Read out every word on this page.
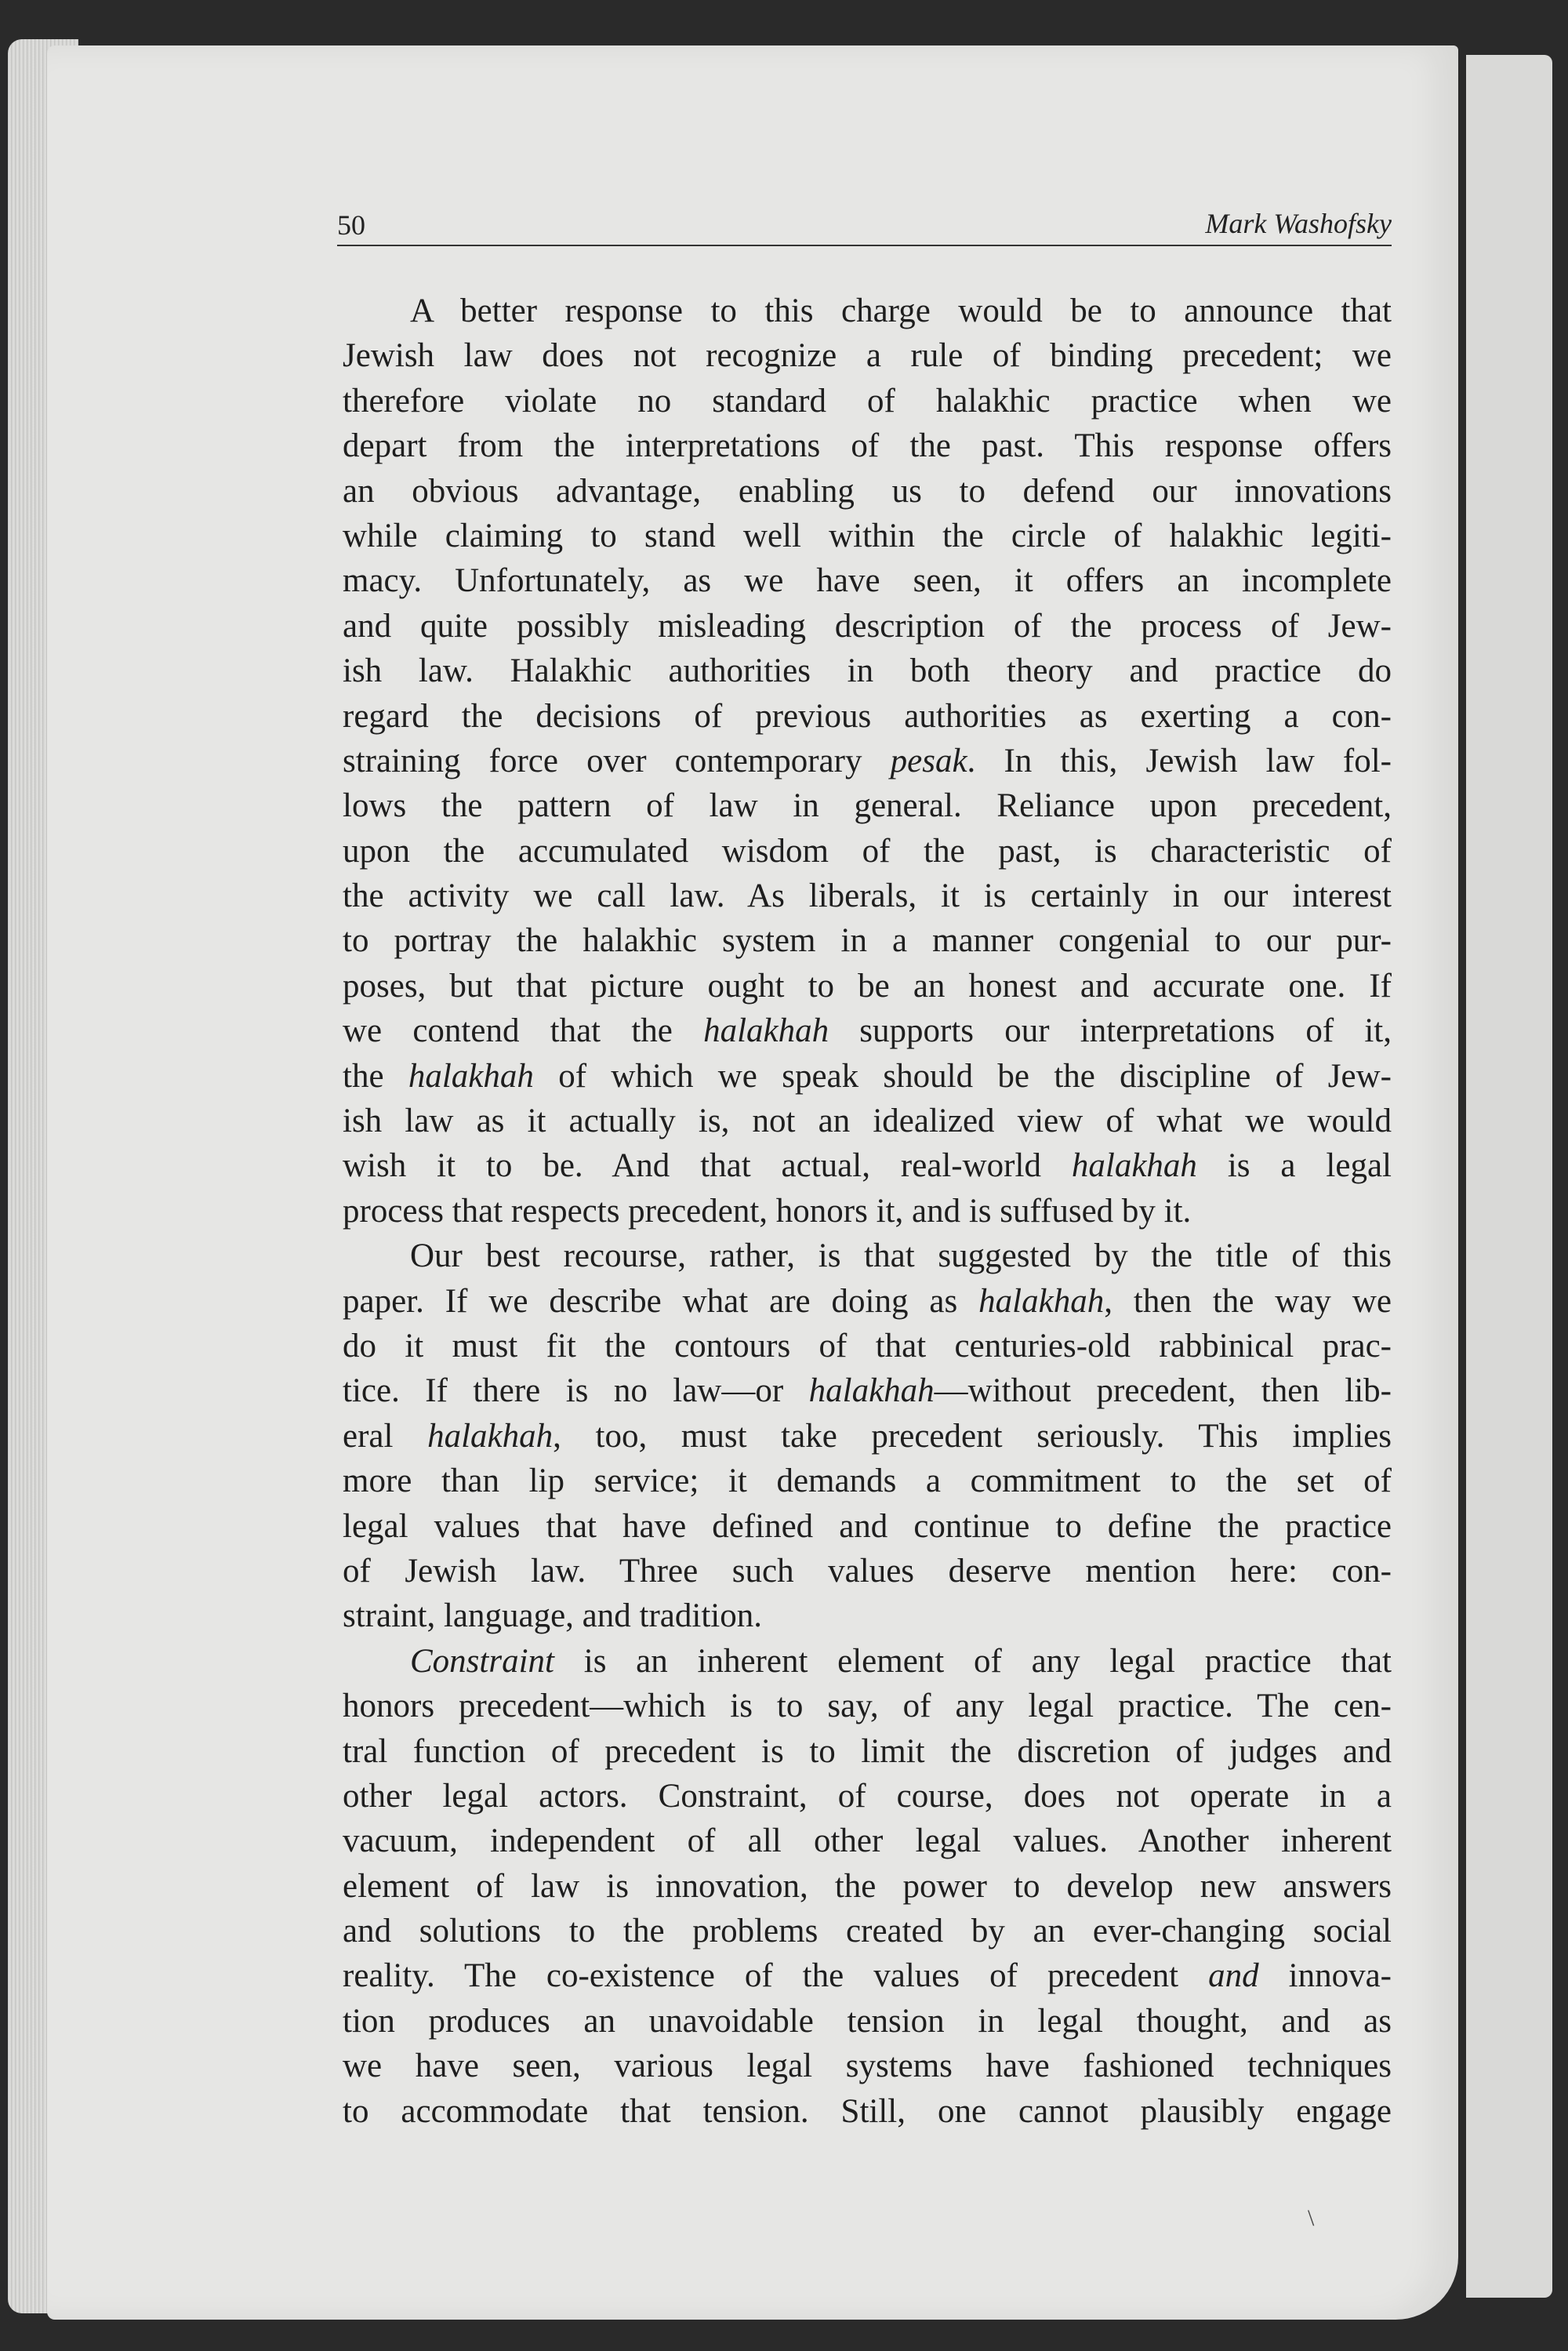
50	Mark Washofsky
A better response to this charge would be to announce that
Jewish law does not recognize a rule of binding precedent; we
therefore violate no standard of halakhic practice when we
depart from the interpretations of the past. This response offers
an obvious advantage, enabling us to defend our innovations
while claiming to stand well within the circle of halakhic legiti-
macy. Unfortunately, as we have seen, it offers an incomplete
and quite possibly misleading description of the process of Jew-
ish law. Halakhic authorities in both theory and practice do
regard the decisions of previous authorities as exerting a con-
straining force over contemporary pesak. In this, Jewish law fol-
lows the pattern of law in general. Reliance upon precedent,
upon the accumulated wisdom of the past, is characteristic of
the activity we call law. As liberals, it is certainly in our interest
to portray the halakhic system in a manner congenial to our pur-
poses, but that picture ought to be an honest and accurate one. If
we contend that the halakhah supports our interpretations of it,
the halakhah of which we speak should be the discipline of Jew-
ish law as it actually is, not an idealized view of what we would
wish it to be. And that actual, real-world halakhah is a legal
process that respects precedent, honors it, and is suffused by it.
Our best recourse, rather, is that suggested by the title of this
paper. If we describe what are doing as halakhah, then the way we
do it must fit the contours of that centuries-old rabbinical prac-
tice. If there is no law—or halakhah—without precedent, then lib-
eral halakhah, too, must take precedent seriously. This implies
more than lip service; it demands a commitment to the set of
legal values that have defined and continue to define the practice
of Jewish law. Three such values deserve mention here: con-
straint, language, and tradition.
Constraint is an inherent element of any legal practice that
honors precedent—which is to say, of any legal practice. The cen-
tral function of precedent is to limit the discretion of judges and
other legal actors. Constraint, of course, does not operate in a
vacuum, independent of all other legal values. Another inherent
element of law is innovation, the power to develop new answers
and solutions to the problems created by an ever-changing social
reality. The co-existence of the values of precedent and innova-
tion produces an unavoidable tension in legal thought, and as
we have seen, various legal systems have fashioned techniques
to accommodate that tension. Still, one cannot plausibly engage
\
